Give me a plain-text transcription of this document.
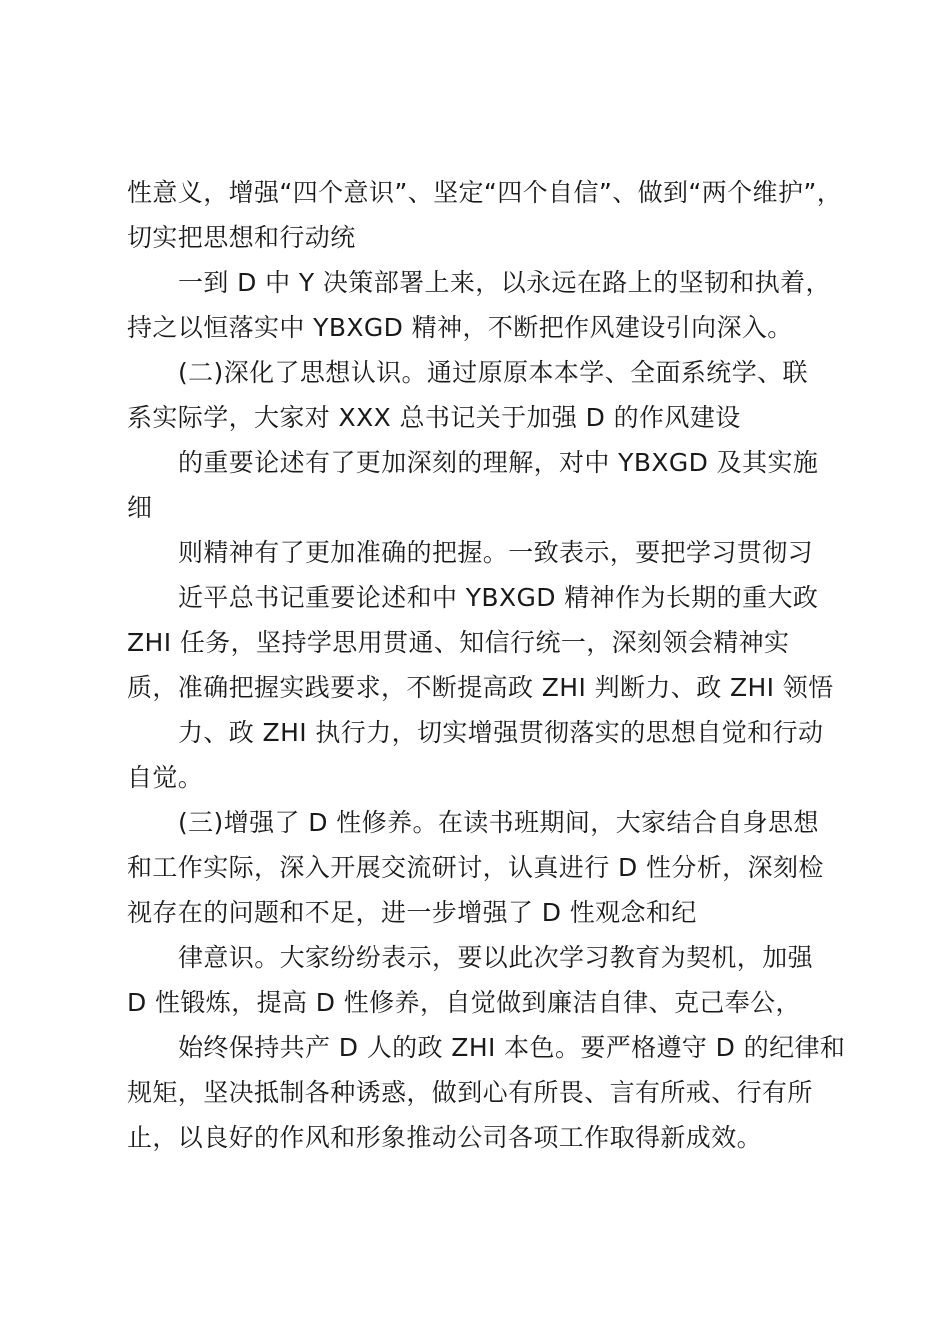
性意义，增强“四个意识”、坚定“四个自信”、做到“两个维护”，
切实把思想和行动统
一到 D 中 Y 决策部署上来，以永远在路上的坚韧和执着，
持之以恒落实中 YBXGD 精神，不断把作风建设引向深入。
(二)深化了思想认识。通过原原本本学、全面系统学、联
系实际学，大家对 XXX 总书记关于加强 D 的作风建设
的重要论述有了更加深刻的理解，对中 YBXGD 及其实施
细
则精神有了更加准确的把握。一致表示，要把学习贯彻习
近平总书记重要论述和中 YBXGD 精神作为长期的重大政
ZHI 任务，坚持学思用贯通、知信行统一，深刻领会精神实
质，准确把握实践要求，不断提高政 ZHI 判断力、政 ZHI 领悟
力、政 ZHI 执行力，切实增强贯彻落实的思想自觉和行动
自觉。
(三)增强了 D 性修养。在读书班期间，大家结合自身思想
和工作实际，深入开展交流研讨，认真进行 D 性分析，深刻检
视存在的问题和不足，进一步增强了 D 性观念和纪
律意识。大家纷纷表示，要以此次学习教育为契机，加强
D 性锻炼，提高 D 性修养，自觉做到廉洁自律、克己奉公，
始终保持共产 D 人的政 ZHI 本色。要严格遵守 D 的纪律和
规矩，坚决抵制各种诱惑，做到心有所畏、言有所戒、行有所
止，以良好的作风和形象推动公司各项工作取得新成效。
